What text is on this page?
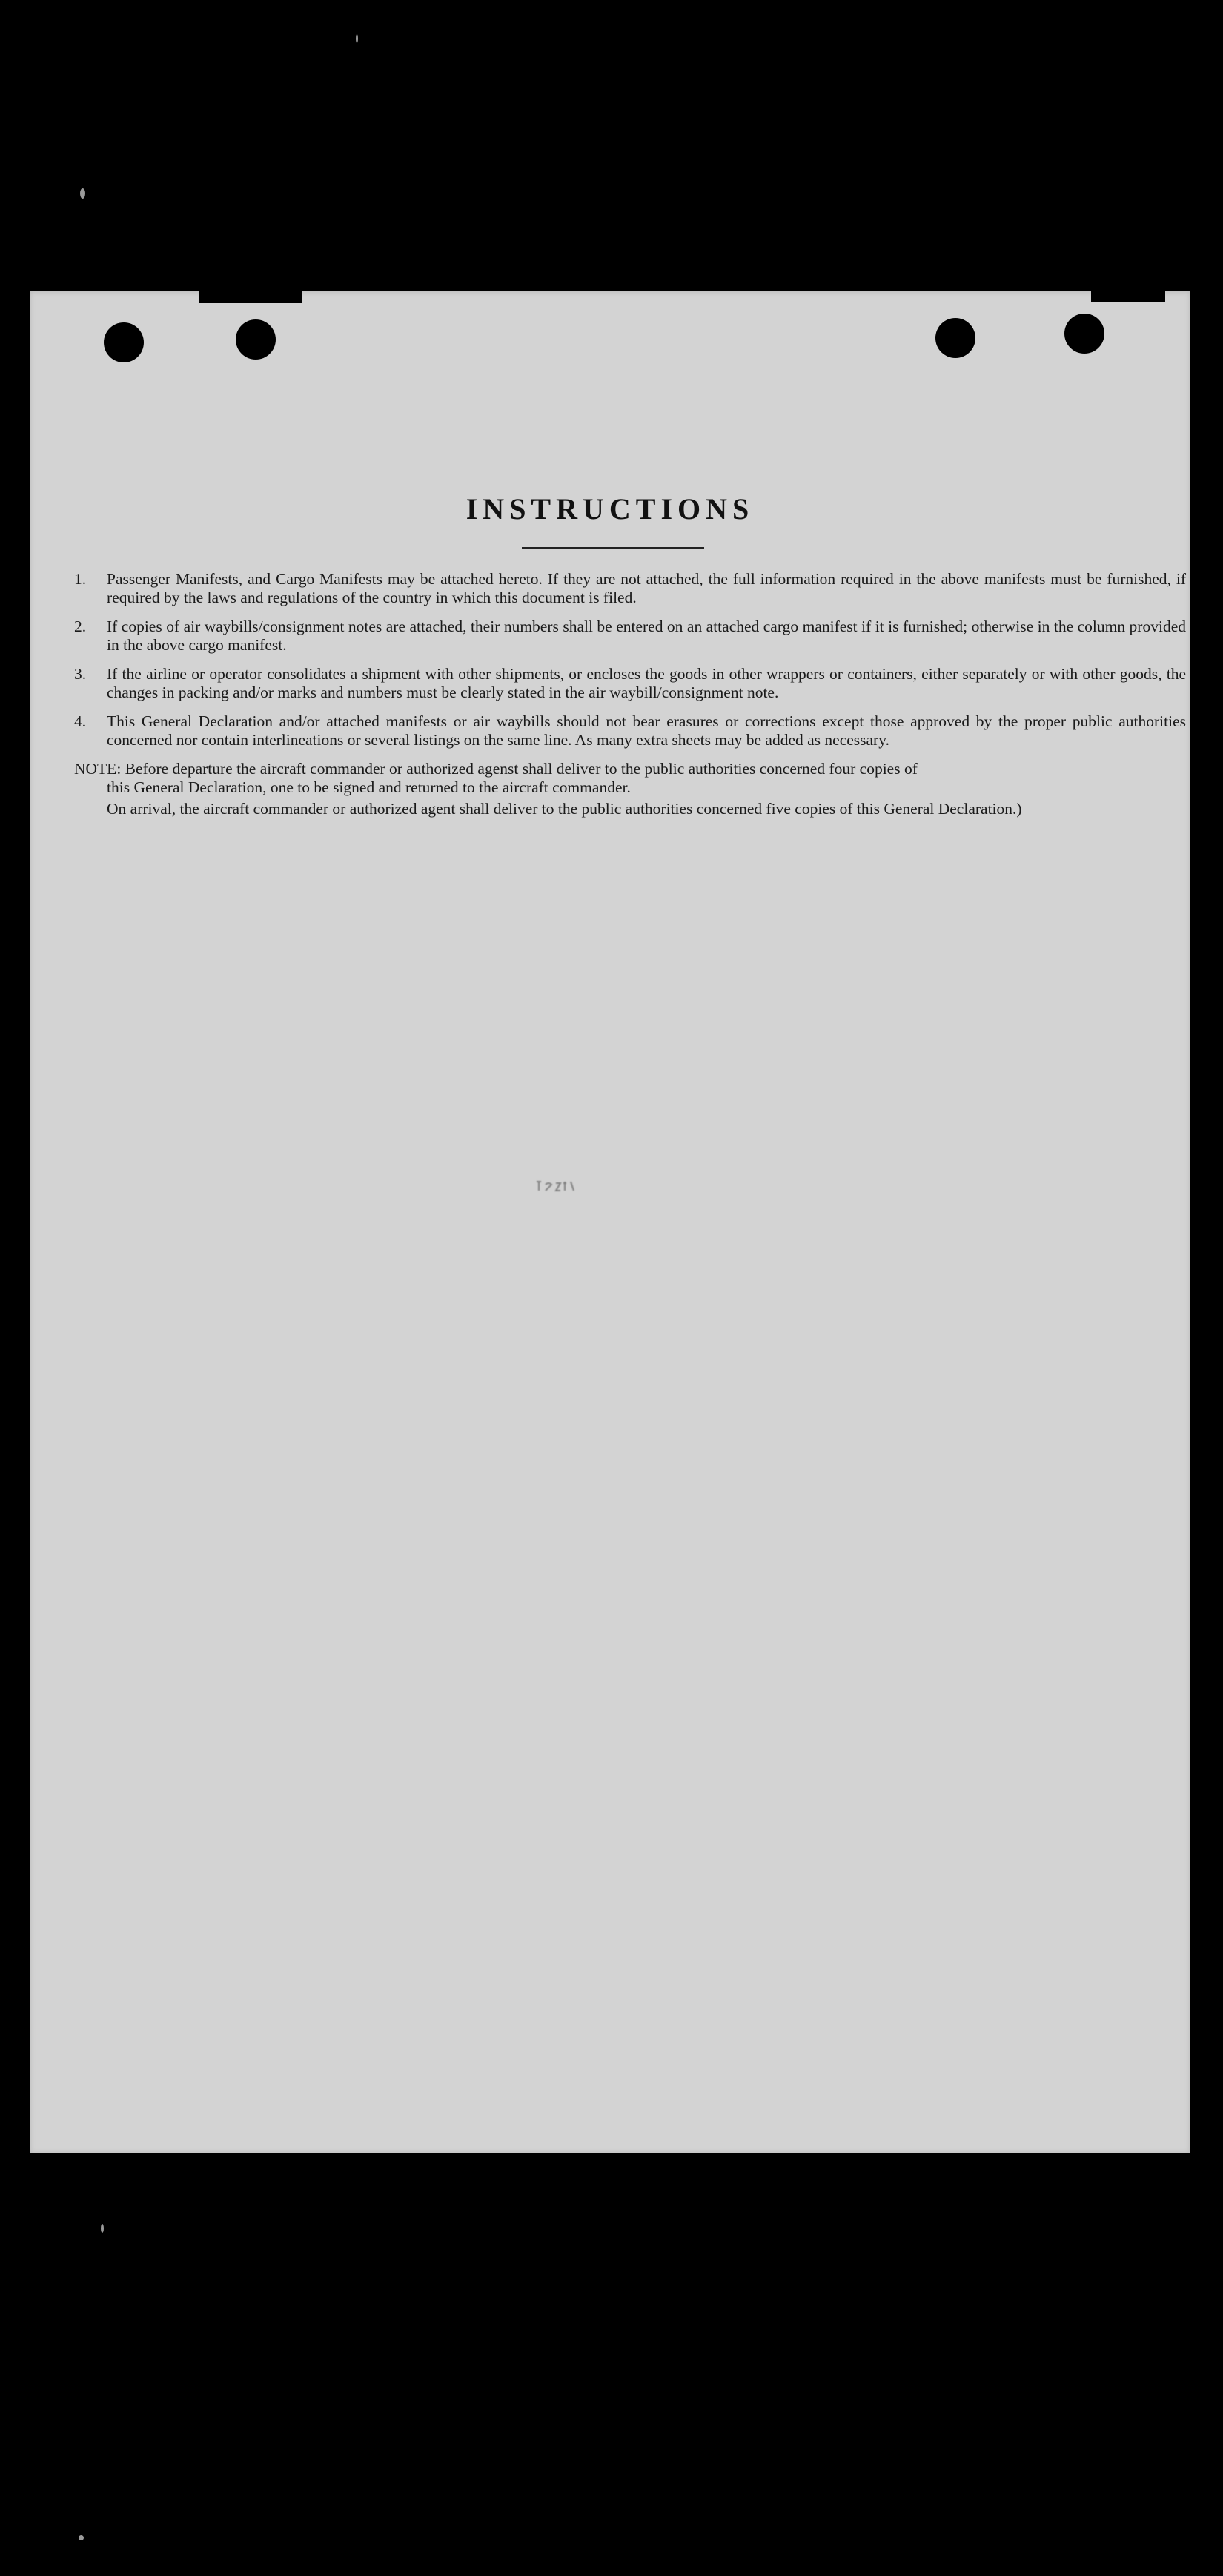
INSTRUCTIONS
1.	Passenger Manifests, and Cargo Manifests may be attached hereto. If they are not attached, the full information required in the above manifests must be furnished, if required by the laws and regulations of the country in which this document is filed.
2.	If copies of air waybills/consignment notes are attached, their numbers shall be entered on an attached cargo manifest if it is furnished; otherwise in the column provided in the above cargo manifest.
3.	If the airline or operator consolidates a shipment with other shipments, or encloses the goods in other wrappers or containers, either separately or with other goods, the changes in packing and/or marks and numbers must be clearly stated in the air waybill/consignment note.
4.	This General Declaration and/or attached manifests or air waybills should not bear erasures or corrections except those approved by the proper public authorities concerned nor contain interlineations or several listings on the same line. As many extra sheets may be added as necessary.
NOTE: Before departure the aircraft commander or authorized agenst shall deliver to the public authorities concerned four copies of
this General Declaration, one to be signed and returned to the aircraft commander.
On arrival, the aircraft commander or authorized agent shall deliver to the public authorities concerned five copies of this General Declaration.)
